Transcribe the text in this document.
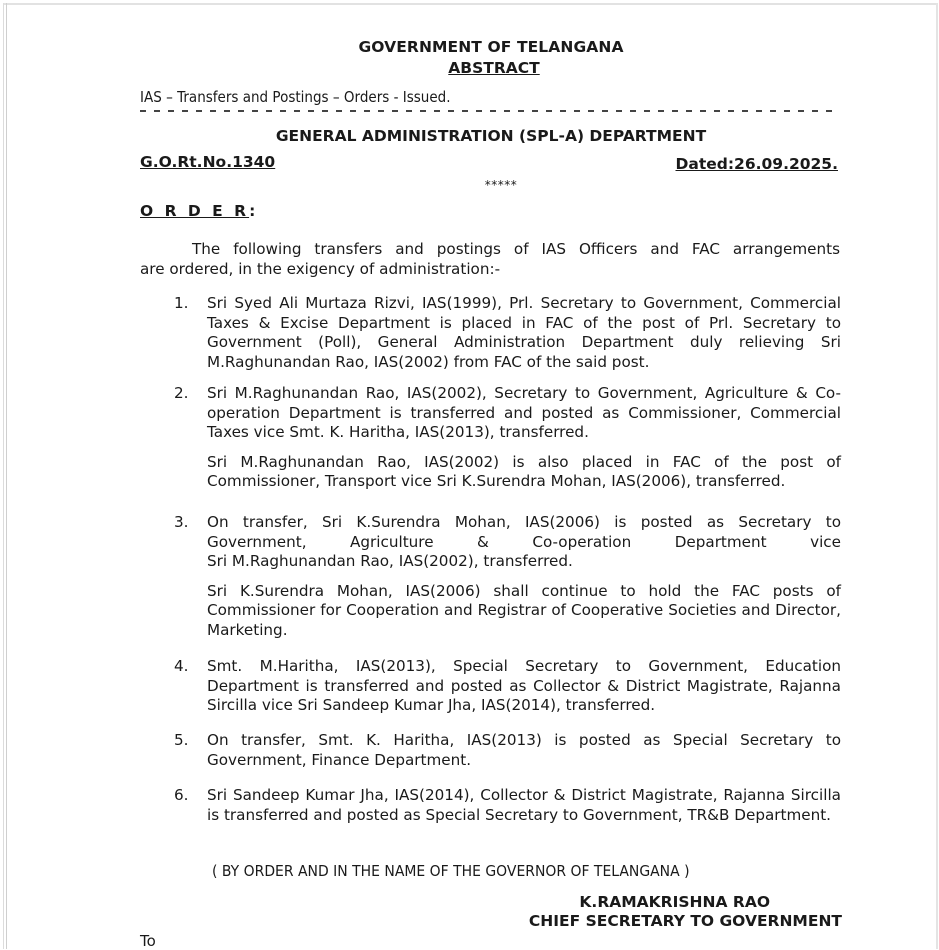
GOVERNMENT OF TELANGANA
ABSTRACT
IAS – Transfers and Postings – Orders - Issued.
GENERAL ADMINISTRATION (SPL-A) DEPARTMENT
G.O.Rt.No.1340	Dated:26.09.2025.
*****
O R D E R:
The following transfers and postings of IAS Officers and FAC arrangements
are ordered, in the exigency of administration:-
1. Sri Syed Ali Murtaza Rizvi, IAS(1999), Prl. Secretary to Government, Commercial Taxes & Excise Department is placed in FAC of the post of Prl. Secretary to Government (Poll), General Administration Department duly relieving Sri M.Raghunandan Rao, IAS(2002) from FAC of the said post.

2. Sri M.Raghunandan Rao, IAS(2002), Secretary to Government, Agriculture & Co-operation Department is transferred and posted as Commissioner, Commercial Taxes vice Smt. K. Haritha, IAS(2013), transferred.

Sri M.Raghunandan Rao, IAS(2002) is also placed in FAC of the post of Commissioner, Transport vice Sri K.Surendra Mohan, IAS(2006), transferred.

3. On transfer, Sri K.Surendra Mohan, IAS(2006) is posted as Secretary to Government, Agriculture & Co-operation Department vice

Sri M.Raghunandan Rao, IAS(2002), transferred.

Sri K.Surendra Mohan, IAS(2006) shall continue to hold the FAC posts of Commissioner for Cooperation and Registrar of Cooperative Societies and Director, Marketing.

4. Smt. M.Haritha, IAS(2013), Special Secretary to Government, Education Department is transferred and posted as Collector & District Magistrate, Rajanna Sircilla vice Sri Sandeep Kumar Jha, IAS(2014), transferred.

5. On transfer, Smt. K. Haritha, IAS(2013) is posted as Special Secretary to Government, Finance Department.

6. Sri Sandeep Kumar Jha, IAS(2014), Collector & District Magistrate, Rajanna Sircilla is transferred and posted as Special Secretary to Government, TR&B Department.

( BY ORDER AND IN THE NAME OF THE GOVERNOR OF TELANGANA )
K.RAMAKRISHNA RAO
CHIEF SECRETARY TO GOVERNMENT
To
